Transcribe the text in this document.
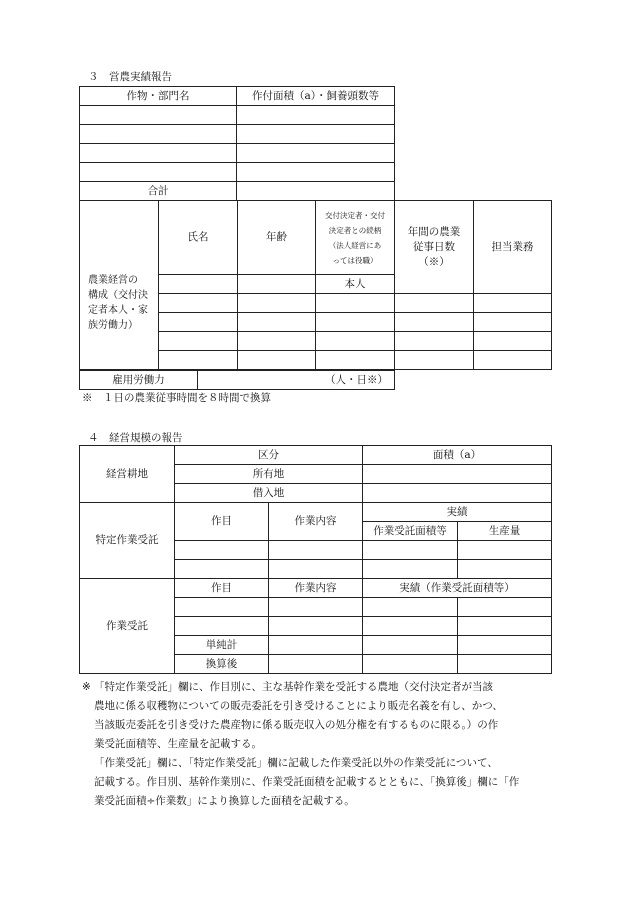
３　営農実績報告
作物・部門名	作付面積（a）・飼養頭数等

合計	
農業経営の
構成（交付決
定者本人・家
族労働力）	氏名	年齢	交付決定者・交付
決定者との続柄
（法人経営にあ
っては役職）	年間の農業
従事日数
（※）	担当業務
			本人		

雇用労働力	（人・日※）
※　１日の農業従事時間を８時間で換算
４　経営規模の報告
経営耕地	区分		面積（a）	
	所有地			
	借入地			
特定作業受託	作目	作業内容	実績	
			作業受託面積等	生産量

作業受託	作目	作業内容	実績（作業受託面積等）	

	単純計			
	換算後			
※ 「特定作業受託」欄に、作目別に、主な基幹作業を受託する農地（交付決定者が当該
農地に係る収穫物についての販売委託を引き受けることにより販売名義を有し、かつ、
当該販売委託を引き受けた農産物に係る販売収入の処分権を有するものに限る。）の作
業受託面積等、生産量を記載する。
「作業受託」欄に、「特定作業受託」欄に記載した作業受託以外の作業受託について、
記載する。作目別、基幹作業別に、作業受託面積を記載するとともに、「換算後」欄に「作
業受託面積÷作業数」により換算した面積を記載する。
